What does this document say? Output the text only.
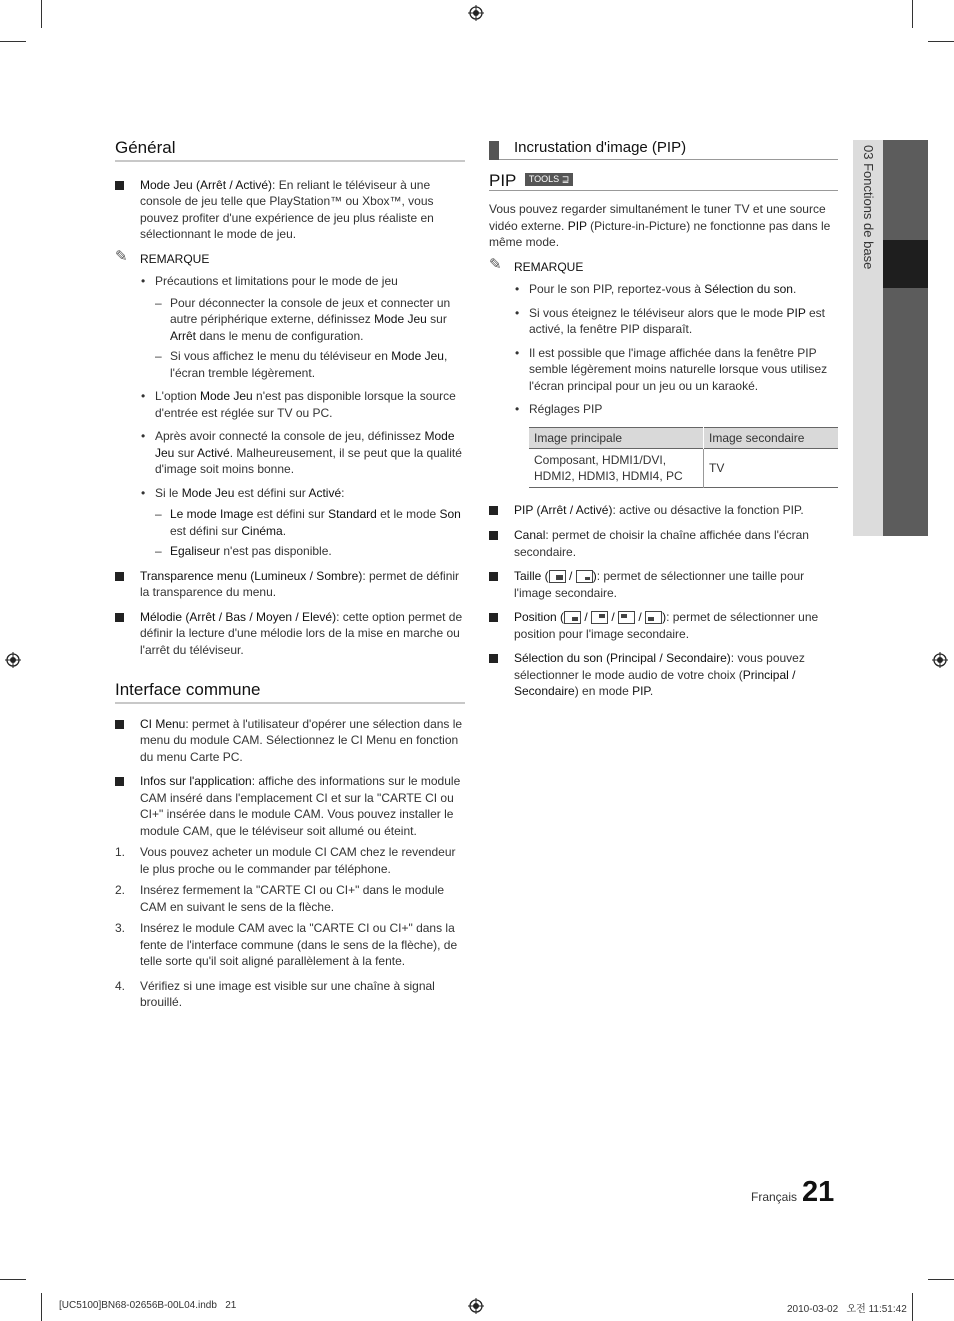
03 Fonctions de base
Général
Mode Jeu (Arrêt / Activé): En reliant le téléviseur à une console de jeu telle que PlayStation™ ou Xbox™, vous pouvez profiter d'une expérience de jeu plus réaliste en sélectionnant le mode de jeu.
✎ REMARQUE
• Précautions et limitations pour le mode de jeu
– Pour déconnecter la console de jeux et connecter un autre périphérique externe, définissez Mode Jeu sur Arrêt dans le menu de configuration.
– Si vous affichez le menu du téléviseur en Mode Jeu, l'écran tremble légèrement.
• L'option Mode Jeu n'est pas disponible lorsque la source d'entrée est réglée sur TV ou PC.
• Après avoir connecté la console de jeu, définissez Mode Jeu sur Activé. Malheureusement, il se peut que la qualité d'image soit moins bonne.
• Si le Mode Jeu est défini sur Activé:
– Le mode Image est défini sur Standard et le mode Son est défini sur Cinéma.
– Egaliseur n'est pas disponible.
Transparence menu (Lumineux / Sombre): permet de définir la transparence du menu.
Mélodie (Arrêt / Bas / Moyen / Elevé): cette option permet de définir la lecture d'une mélodie lors de la mise en marche ou l'arrêt du téléviseur.
Interface commune
CI Menu: permet à l'utilisateur d'opérer une sélection dans le menu du module CAM. Sélectionnez le CI Menu en fonction du menu Carte PC.
Infos sur l'application: affiche des informations sur le module CAM inséré dans l'emplacement CI et sur la "CARTE CI ou CI+" insérée dans le module CAM. Vous pouvez installer le module CAM, que le téléviseur soit allumé ou éteint.
1. Vous pouvez acheter un module CI CAM chez le revendeur le plus proche ou le commander par téléphone.
2. Insérez fermement la "CARTE CI ou CI+" dans le module CAM en suivant le sens de la flèche.
3. Insérez le module CAM avec la "CARTE CI ou CI+" dans la fente de l'interface commune (dans le sens de la flèche), de telle sorte qu'il soit aligné parallèlement à la fente.
4. Vérifiez si une image est visible sur une chaîne à signal brouillé.
Incrustation d'image (PIP)
PIP TOOLS ⊒
Vous pouvez regarder simultanément le tuner TV et une source vidéo externe. PIP (Picture-in-Picture) ne fonctionne pas dans le même mode.
✎ REMARQUE
• Pour le son PIP, reportez-vous à Sélection du son.
• Si vous éteignez le téléviseur alors que le mode PIP est activé, la fenêtre PIP disparaît.
• Il est possible que l'image affichée dans la fenêtre PIP semble légèrement moins naturelle lorsque vous utilisez l'écran principal pour un jeu ou un karaoké.
• Réglages PIP
Image principale	Image secondaire
Composant, HDMI1/DVI, HDMI2, HDMI3, HDMI4, PC	TV
PIP (Arrêt / Activé): active ou désactive la fonction PIP.
Canal: permet de choisir la chaîne affichée dans l'écran secondaire.
Taille (
/
): permet de sélectionner une taille pour l'image secondaire.
Position (
/
/
/
): permet de sélectionner une position pour l'image secondaire.
Sélection du son (Principal / Secondaire): vous pouvez sélectionner le mode audio de votre choix (Principal / Secondaire) en mode PIP.
Français 21
[UC5100]BN68-02656B-00L04.indb   21	2010-03-02   오전 11:51:42
